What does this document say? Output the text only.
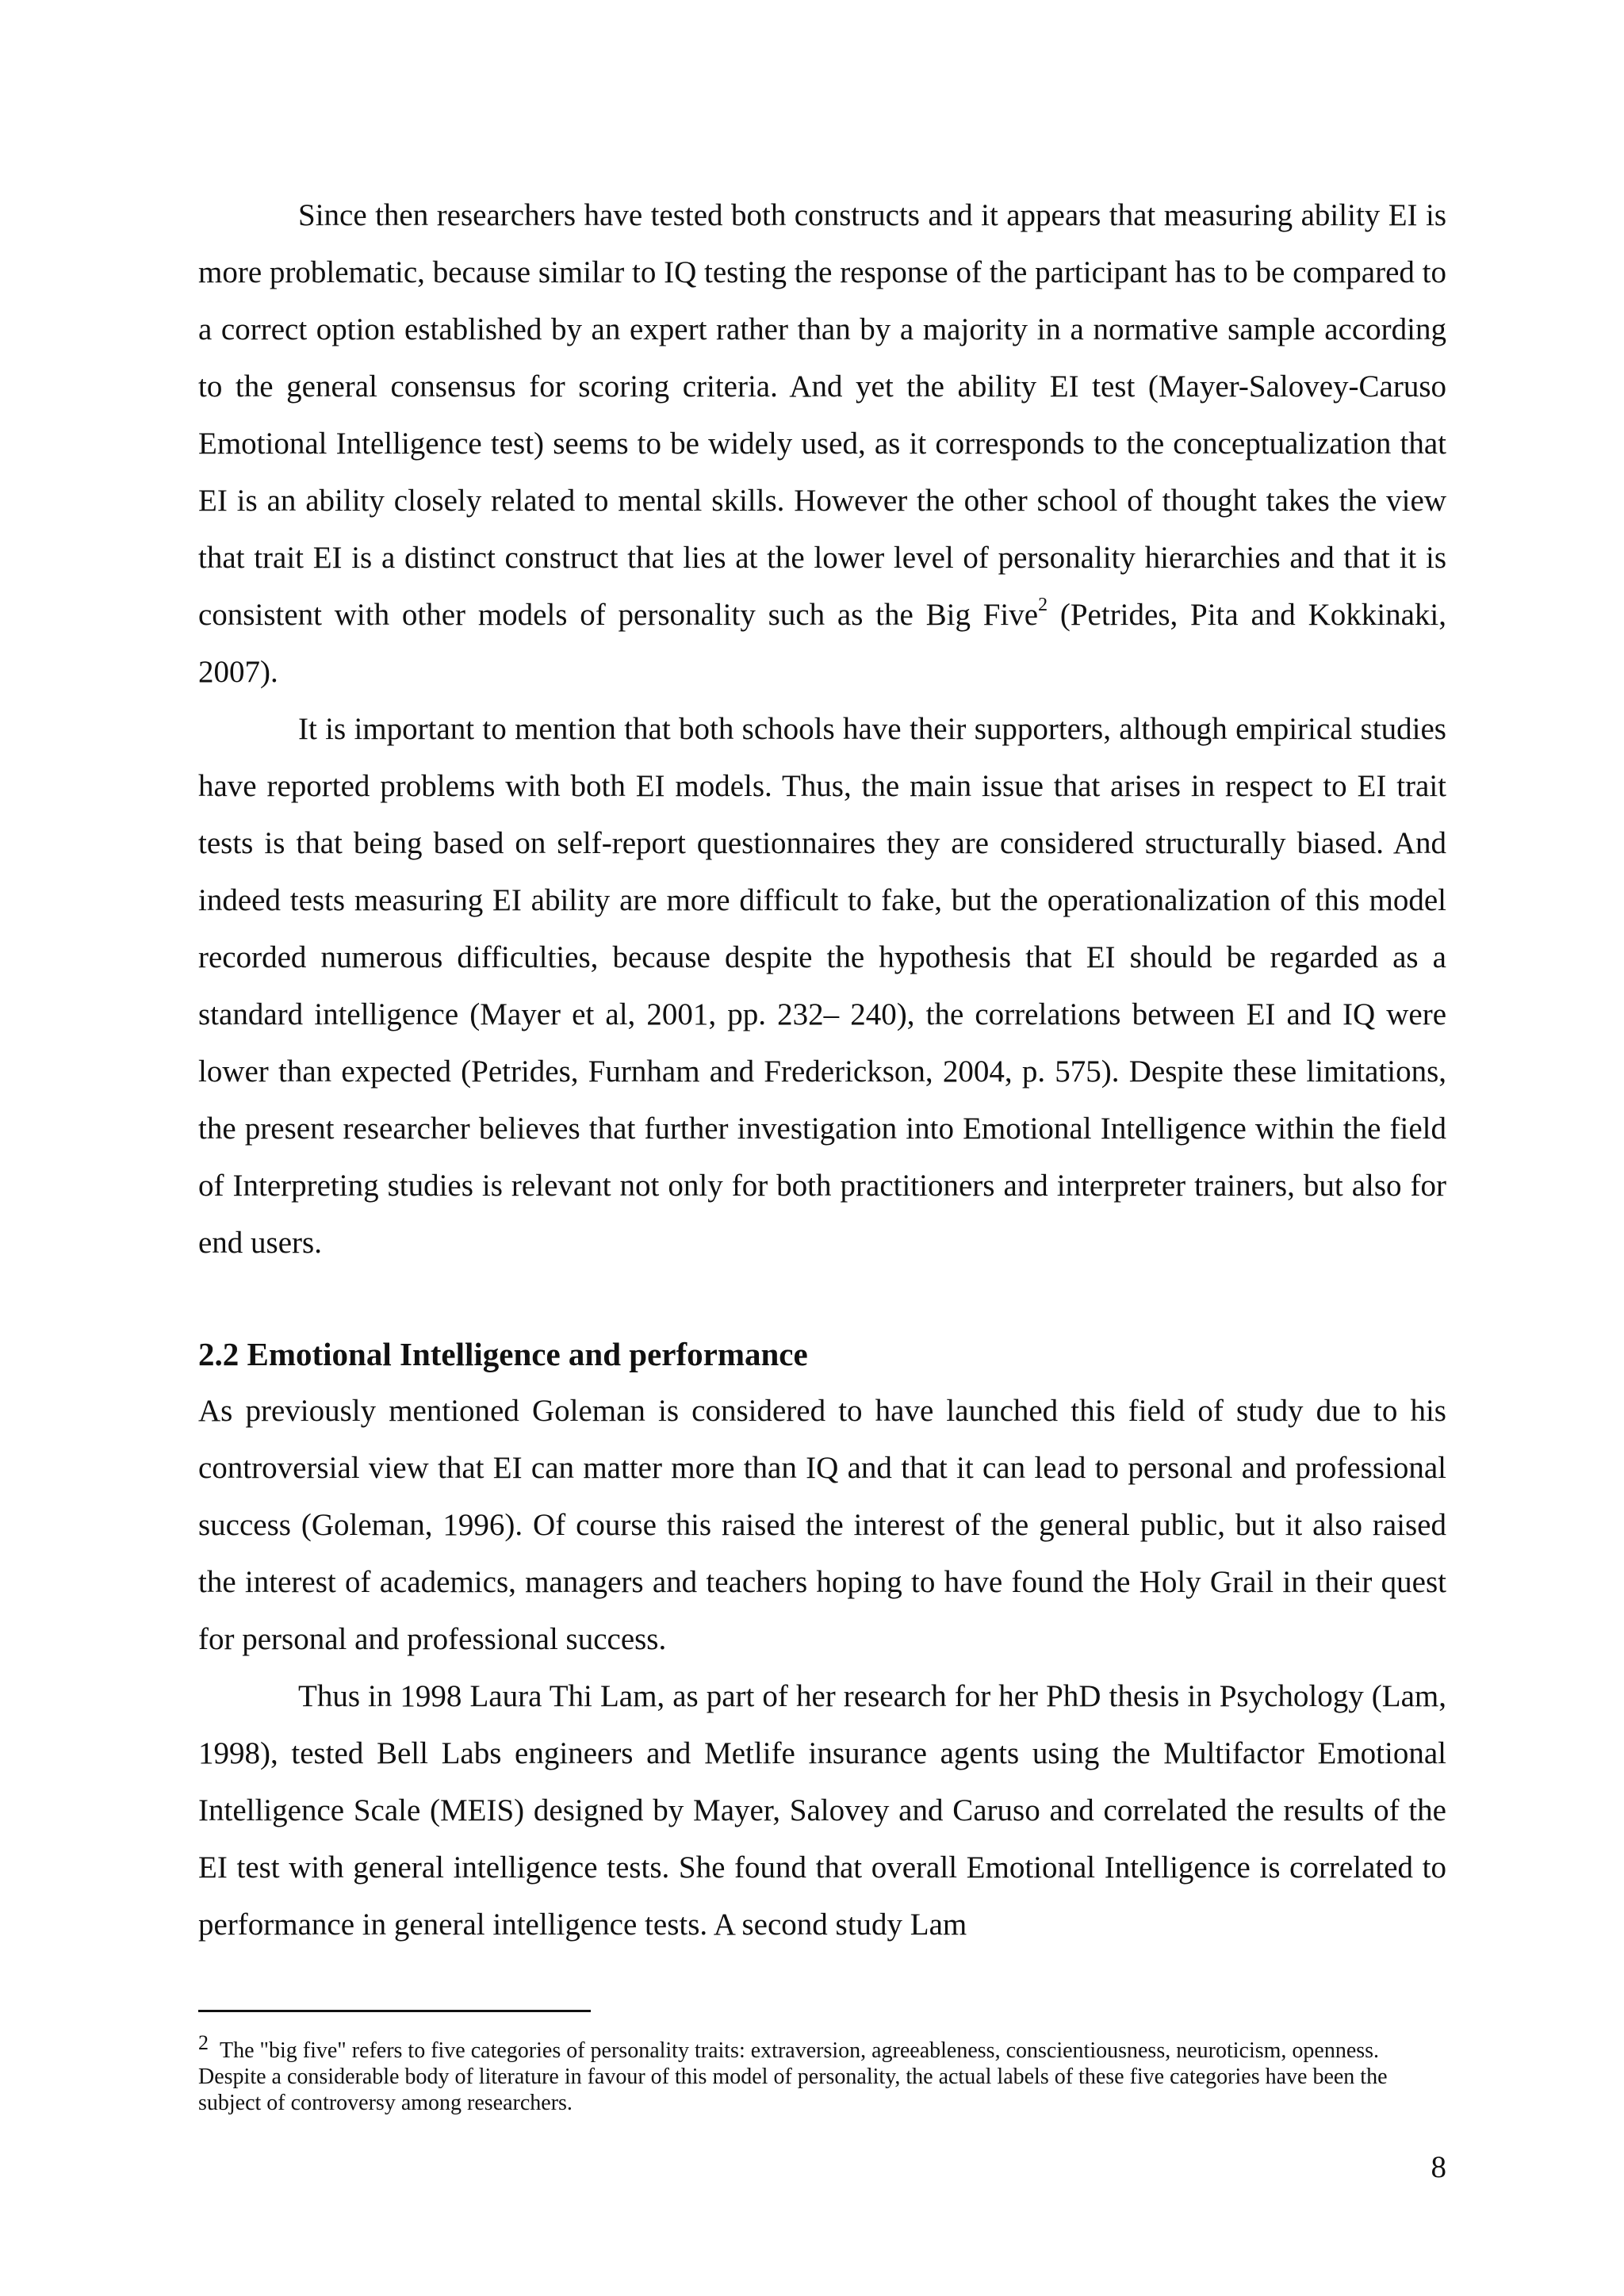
Since then researchers have tested both constructs and it appears that measuring ability EI is more problematic, because similar to IQ testing the response of the participant has to be compared to a correct option established by an expert rather than by a majority in a normative sample according to the general consensus for scoring criteria. And yet the ability EI test (Mayer-Salovey-Caruso Emotional Intelligence test) seems to be widely used, as it corresponds to the conceptualization that EI is an ability closely related to mental skills. However the other school of thought takes the view that trait EI is a distinct construct that lies at the lower level of personality hierarchies and that it is consistent with other models of personality such as the Big Five$^2$ (Petrides, Pita and Kokkinaki, 2007).

It is important to mention that both schools have their supporters, although empirical studies have reported problems with both EI models. Thus, the main issue that arises in respect to EI trait tests is that being based on self-report questionnaires they are considered structurally biased. And indeed tests measuring EI ability are more difficult to fake, but the operationalization of this model recorded numerous difficulties, because despite the hypothesis that EI should be regarded as a standard intelligence (Mayer et al, 2001, pp. 232– 240), the correlations between EI and IQ were lower than expected (Petrides, Furnham and Frederickson, 2004, p. 575). Despite these limitations, the present researcher believes that further investigation into Emotional Intelligence within the field of Interpreting studies is relevant not only for both practitioners and interpreter trainers, but also for end users.

2.2 Emotional Intelligence and performance

As previously mentioned Goleman is considered to have launched this field of study due to his controversial view that EI can matter more than IQ and that it can lead to personal and professional success (Goleman, 1996). Of course this raised the interest of the general public, but it also raised the interest of academics, managers and teachers hoping to have found the Holy Grail in their quest for personal and professional success.

Thus in 1998 Laura Thi Lam, as part of her research for her PhD thesis in Psychology (Lam, 1998), tested Bell Labs engineers and Metlife insurance agents using the Multifactor Emotional Intelligence Scale (MEIS) designed by Mayer, Salovey and Caruso and correlated the results of the EI test with general intelligence tests. She found that overall Emotional Intelligence is correlated to performance in general intelligence tests. A second study Lam

2 The "big five" refers to five categories of personality traits: extraversion, agreeableness, conscientiousness, neuroticism, openness. Despite a considerable body of literature in favour of this model of personality, the actual labels of these five categories have been the subject of controversy among researchers.

8
